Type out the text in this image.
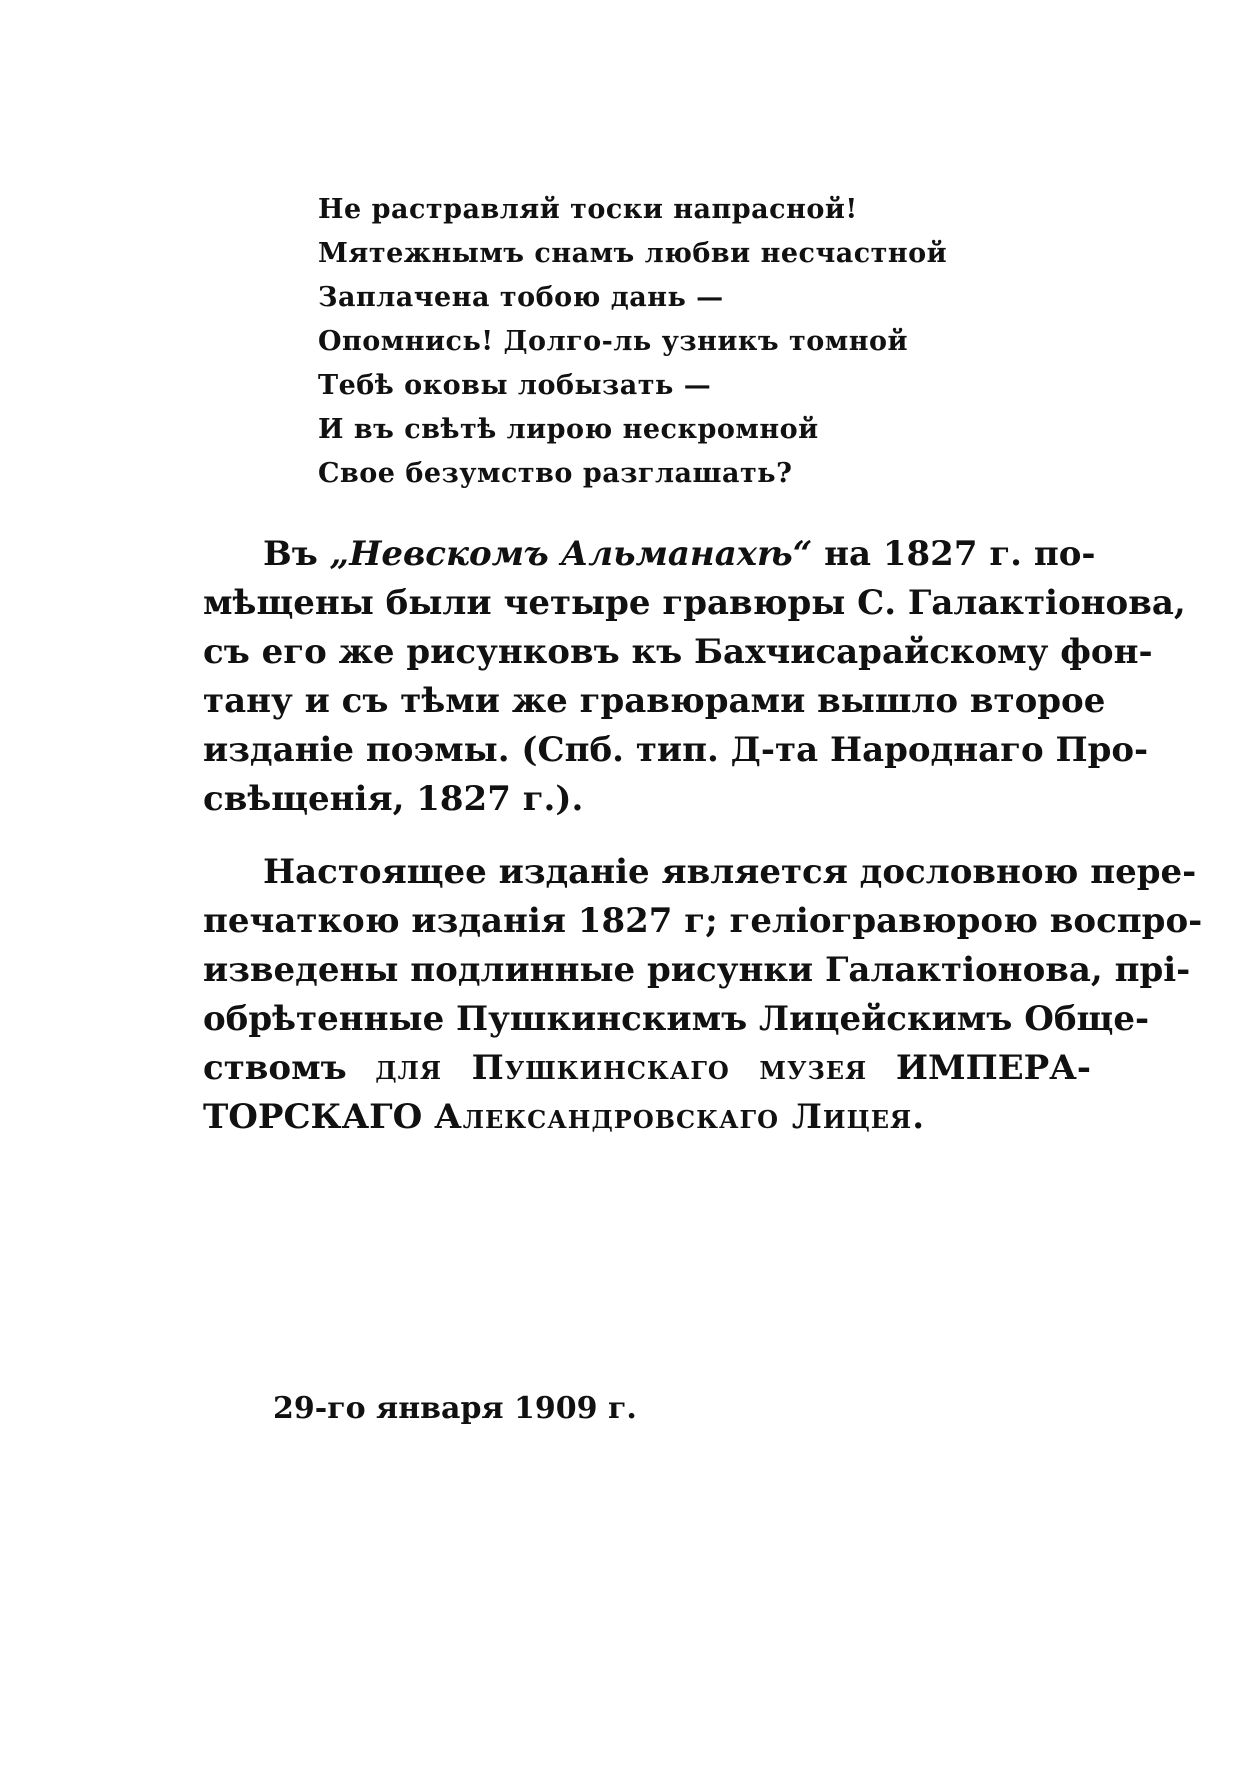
Не растравляй тоски напрасной!
Мятежнымъ снамъ любви несчастной
Заплачена тобою дань —
Опомнись! Долго-ль узникъ томной
Тебѣ оковы лобызать —
И въ свѣтѣ лирою нескромной
Свое безумство разглашать?
Въ „Невскомъ Альманахѣ“ на 1827 г. по-
мѣщены были четыре гравюры С. Галактіонова,
съ его же рисунковъ къ Бахчисарайскому фон-
тану и съ тѣми же гравюрами вышло второе
изданіе поэмы. (Спб. тип. Д-та Народнаго Про-
свѣщенія, 1827 г.).
Настоящее изданіе является дословною пере-
печаткою изданія 1827 г; геліогравюрою воспро-
изведены подлинные рисунки Галактіонова, прі-
обрѣтенные Пушкинскимъ Лицейскимъ Обще-
ствомъ для Пушкинскаго музея ИМПЕРА-
ТОРСКАГО Александровскаго Лицея.
29-го января 1909 г.
